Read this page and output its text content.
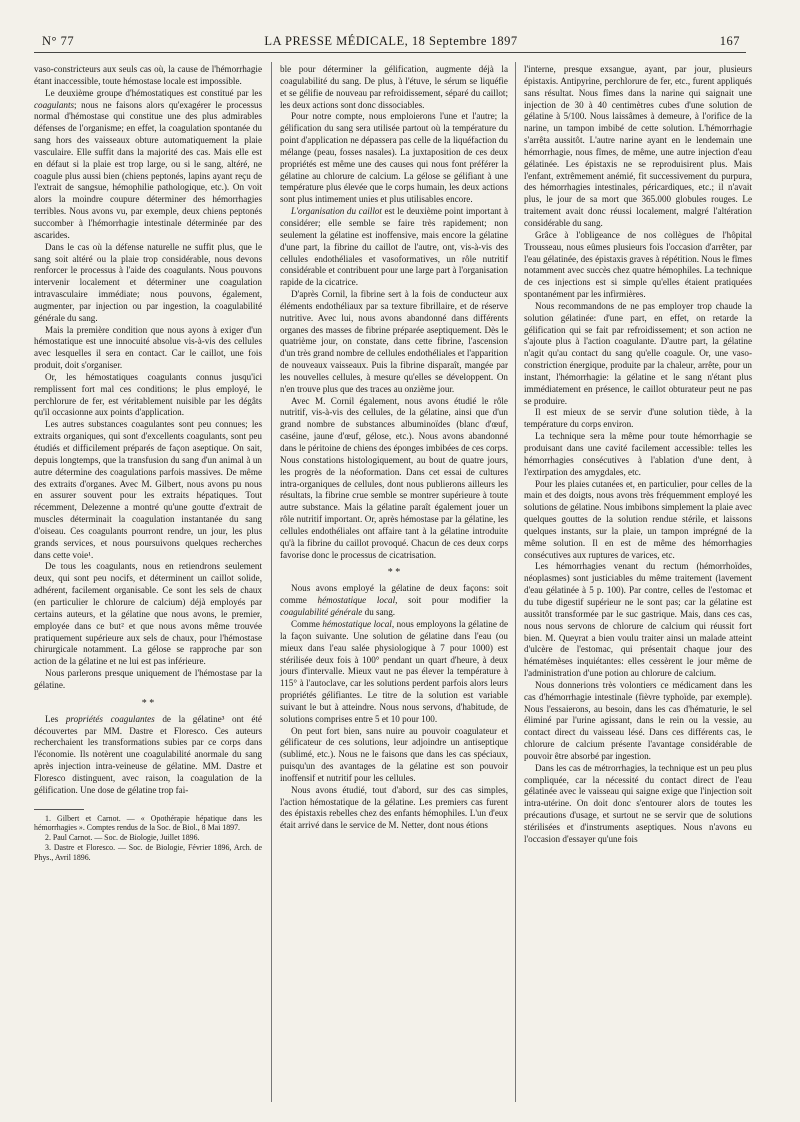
N° 77	LA PRESSE MÉDICALE, 18 Septembre 1897	167

vaso-constricteurs aux seuls cas où, la cause de l'hémorrhagie étant inaccessible, toute hémostase locale est impossible.

Le deuxième groupe d'hémostatiques est constitué par les coagulants; nous ne faisons alors qu'exagérer le processus normal d'hémostase qui constitue une des plus admirables défenses de l'organisme; en effet, la coagulation spontanée du sang hors des vaisseaux obture automatiquement la plaie vasculaire. Elle suffit dans la majorité des cas. Mais elle est en défaut si la plaie est trop large, ou si le sang, altéré, ne coagule plus aussi bien (chiens peptonés, lapins ayant reçu de l'extrait de sangsue, hémophilie pathologique, etc.). On voit alors la moindre coupure déterminer des hémorrhagies terribles. Nous avons vu, par exemple, deux chiens peptonés succomber à l'hémorrhagie intestinale déterminée par des ascarides.

Dans le cas où la défense naturelle ne suffit plus, que le sang soit altéré ou la plaie trop considérable, nous devons renforcer le processus à l'aide des coagulants. Nous pouvons intervenir localement et déterminer une coagulation intravasculaire immédiate; nous pouvons, également, augmenter, par injection ou par ingestion, la coagulabilité générale du sang.

Mais la première condition que nous ayons à exiger d'un hémostatique est une innocuité absolue vis-à-vis des cellules avec lesquelles il sera en contact. Car le caillot, une fois produit, doit s'organiser.

Or, les hémostatiques coagulants connus jusqu'ici remplissent fort mal ces conditions; le plus employé, le perchlorure de fer, est véritablement nuisible par les dégâts qu'il occasionne aux points d'application.

Les autres substances coagulantes sont peu connues; les extraits organiques, qui sont d'excellents coagulants, sont peu étudiés et difficilement préparés de façon aseptique. On sait, depuis longtemps, que la transfusion du sang d'un animal à un autre détermine des coagulations parfois massives. De même des extraits d'organes. Avec M. Gilbert, nous avons pu nous en assurer souvent pour les extraits hépatiques. Tout récemment, Delezenne a montré qu'une goutte d'extrait de muscles déterminait la coagulation instantanée du sang d'oiseau. Ces coagulants pourront rendre, un jour, les plus grands services, et nous poursuivons quelques recherches dans cette voie¹.

De tous les coagulants, nous en retiendrons seulement deux, qui sont peu nocifs, et déterminent un caillot solide, adhérent, facilement organisable. Ce sont les sels de chaux (en particulier le chlorure de calcium) déjà employés par certains auteurs, et la gélatine que nous avons, le premier, employée dans ce but² et que nous avons même trouvée pratiquement supérieure aux sels de chaux, pour l'hémostase chirurgicale notamment. La gélose se rapproche par son action de la gélatine et ne lui est pas inférieure.

Nous parlerons presque uniquement de l'hémostase par la gélatine.

* *

Les propriétés coagulantes de la gélatine³ ont été découvertes par MM. Dastre et Floresco. Ces auteurs recherchaient les transformations subies par ce corps dans l'économie. Ils notèrent une coagulabilité anormale du sang après injection intra-veineuse de gélatine. MM. Dastre et Floresco distinguent, avec raison, la coagulation de la gélification. Une dose de gélatine trop fai-

1. Gilbert et Carnot. — « Opothérapie hépatique dans les hémorrhagies ». Comptes rendus de la Soc. de Biol., 8 Mai 1897.

2. Paul Carnot. — Soc. de Biologie, Juillet 1896.

3. Dastre et Floresco. — Soc. de Biologie, Février 1896, Arch. de Phys., Avril 1896.

ble pour déterminer la gélification, augmente déjà la coagulabilité du sang. De plus, à l'étuve, le sérum se liquéfie et se gélifie de nouveau par refroidissement, séparé du caillot; les deux actions sont donc dissociables.

Pour notre compte, nous emploierons l'une et l'autre; la gélification du sang sera utilisée partout où la température du point d'application ne dépassera pas celle de la liquéfaction du mélange (peau, fosses nasales). La juxtaposition de ces deux propriétés est même une des causes qui nous font préférer la gélatine au chlorure de calcium. La gélose se gélifiant à une température plus élevée que le corps humain, les deux actions sont plus intimement unies et plus utilisables encore.

L'organisation du caillot est le deuxième point important à considérer; elle semble se faire très rapidement; non seulement la gélatine est inoffensive, mais encore la gélatine d'une part, la fibrine du caillot de l'autre, ont, vis-à-vis des cellules endothéliales et vasoformatives, un rôle nutritif considérable et contribuent pour une large part à l'organisation rapide de la cicatrice.

D'après Cornil, la fibrine sert à la fois de conducteur aux éléments endothéliaux par sa texture fibrillaire, et de réserve nutritive. Avec lui, nous avons abandonné dans différents organes des masses de fibrine préparée aseptiquement. Dès le quatrième jour, on constate, dans cette fibrine, l'ascension d'un très grand nombre de cellules endothéliales et l'apparition de nouveaux vaisseaux. Puis la fibrine disparaît, mangée par les nouvelles cellules, à mesure qu'elles se développent. On n'en trouve plus que des traces au onzième jour.

Avec M. Cornil également, nous avons étudié le rôle nutritif, vis-à-vis des cellules, de la gélatine, ainsi que d'un grand nombre de substances albuminoïdes (blanc d'œuf, caséine, jaune d'œuf, gélose, etc.). Nous avons abandonné dans le péritoine de chiens des éponges imbibées de ces corps. Nous constations histologiquement, au bout de quatre jours, les progrès de la néoformation. Dans cet essai de cultures intra-organiques de cellules, dont nous publierons ailleurs les résultats, la fibrine crue semble se montrer supérieure à toute autre substance. Mais la gélatine paraît également jouer un rôle nutritif important. Or, après hémostase par la gélatine, les cellules endothéliales ont affaire tant à la gélatine introduite qu'à la fibrine du caillot provoqué. Chacun de ces deux corps favorise donc le processus de cicatrisation.

* *

Nous avons employé la gélatine de deux façons: soit comme hémostatique local, soit pour modifier la coagulabilité générale du sang.

Comme hémostatique local, nous employons la gélatine de la façon suivante. Une solution de gélatine dans l'eau (ou mieux dans l'eau salée physiologique à 7 pour 1000) est stérilisée deux fois à 100° pendant un quart d'heure, à deux jours d'intervalle. Mieux vaut ne pas élever la température à 115° à l'autoclave, car les solutions perdent parfois alors leurs propriétés gélifiantes. Le titre de la solution est variable suivant le but à atteindre. Nous nous servons, d'habitude, de solutions comprises entre 5 et 10 pour 100.

On peut fort bien, sans nuire au pouvoir coagulateur et gélificateur de ces solutions, leur adjoindre un antiseptique (sublimé, etc.). Nous ne le faisons que dans les cas spéciaux, puisqu'un des avantages de la gélatine est son pouvoir inoffensif et nutritif pour les cellules.

Nous avons étudié, tout d'abord, sur des cas simples, l'action hémostatique de la gélatine. Les premiers cas furent des épistaxis rebelles chez des enfants hémophiles. L'un d'eux était arrivé dans le service de M. Netter, dont nous étions

l'interne, presque exsangue, ayant, par jour, plusieurs épistaxis. Antipyrine, perchlorure de fer, etc., furent appliqués sans résultat. Nous fîmes dans la narine qui saignait une injection de 30 à 40 centimètres cubes d'une solution de gélatine à 5/100. Nous laissâmes à demeure, à l'orifice de la narine, un tampon imbibé de cette solution. L'hémorrhagie s'arrêta aussitôt. L'autre narine ayant en le lendemain une hémorrhagie, nous fîmes, de même, une autre injection d'eau gélatinée. Les épistaxis ne se reproduisirent plus. Mais l'enfant, extrêmement anémié, fit successivement du purpura, des hémorrhagies intestinales, péricardiques, etc.; il n'avait plus, le jour de sa mort que 365.000 globules rouges. Le traitement avait donc réussi localement, malgré l'altération considérable du sang.

Grâce à l'obligeance de nos collègues de l'hôpital Trousseau, nous eûmes plusieurs fois l'occasion d'arrêter, par l'eau gélatinée, des épistaxis graves à répétition. Nous le fîmes notamment avec succès chez quatre hémophiles. La technique de ces injections est si simple qu'elles étaient pratiquées spontanément par les infirmières.

Nous recommandons de ne pas employer trop chaude la solution gélatinée: d'une part, en effet, on retarde la gélification qui se fait par refroidissement; et son action ne s'ajoute plus à l'action coagulante. D'autre part, la gélatine n'agit qu'au contact du sang qu'elle coagule. Or, une vaso-constriction énergique, produite par la chaleur, arrête, pour un instant, l'hémorrhagie: la gélatine et le sang n'étant plus immédiatement en présence, le caillot obturateur peut ne pas se produire.

Il est mieux de se servir d'une solution tiède, à la température du corps environ.

La technique sera la même pour toute hémorrhagie se produisant dans une cavité facilement accessible: telles les hémorrhagies consécutives à l'ablation d'une dent, à l'extirpation des amygdales, etc.

Pour les plaies cutanées et, en particulier, pour celles de la main et des doigts, nous avons très fréquemment employé les solutions de gélatine. Nous imbibons simplement la plaie avec quelques gouttes de la solution rendue stérile, et laissons quelques instants, sur la plaie, un tampon imprégné de la même solution. Il en est de même des hémorrhagies consécutives aux ruptures de varices, etc.

Les hémorrhagies venant du rectum (hémorrhoïdes, néoplasmes) sont justiciables du même traitement (lavement d'eau gélatinée à 5 p. 100). Par contre, celles de l'estomac et du tube digestif supérieur ne le sont pas; car la gélatine est aussitôt transformée par le suc gastrique. Mais, dans ces cas, nous nous servons de chlorure de calcium qui réussit fort bien. M. Queyrat a bien voulu traiter ainsi un malade atteint d'ulcère de l'estomac, qui présentait chaque jour des hématémèses inquiétantes: elles cessèrent le jour même de l'administration d'une potion au chlorure de calcium.

Nous donnerions très volontiers ce médicament dans les cas d'hémorrhagie intestinale (fièvre typhoïde, par exemple). Nous l'essaierons, au besoin, dans les cas d'hématurie, le sel éliminé par l'urine agissant, dans le rein ou la vessie, au contact direct du vaisseau lésé. Dans ces différents cas, le chlorure de calcium présente l'avantage considérable de pouvoir être absorbé par ingestion.

Dans les cas de métrorrhagies, la technique est un peu plus compliquée, car la nécessité du contact direct de l'eau gélatinée avec le vaisseau qui saigne exige que l'injection soit intra-utérine. On doit donc s'entourer alors de toutes les précautions d'usage, et surtout ne se servir que de solutions stérilisées et d'instruments aseptiques. Nous n'avons eu l'occasion d'essayer qu'une fois
